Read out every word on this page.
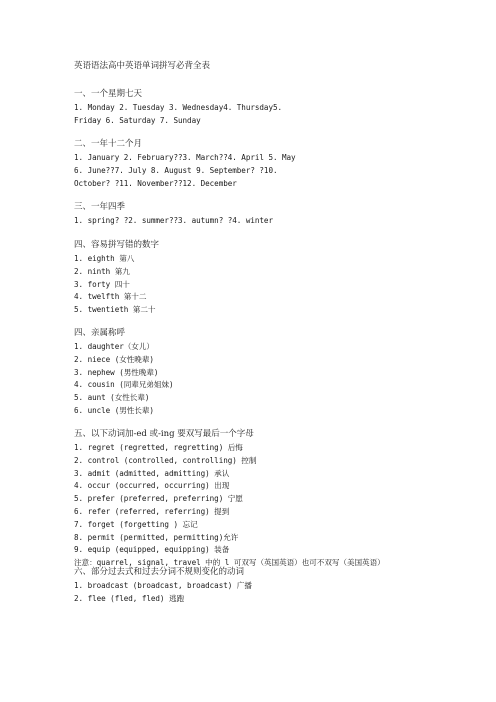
英语语法高中英语单词拼写必背全表
一、一个星期七天
1. Monday 2. Tuesday 3. Wednesday4. Thursday5.
Friday 6. Saturday 7. Sunday
二、一年十二个月
1. January 2. February??3. March??4. April 5. May
6. June??7. July 8. August 9. September? ?10.
October? ?11. November??12. December
三、一年四季
1. spring? ?2. summer??3. autumn? ?4. winter
四、容易拼写错的数字
1. eighth 第八
2. ninth 第九
3. forty 四十
4. twelfth 第十二
5. twentieth 第二十
四、亲属称呼
1. daughter（女儿）
2. niece (女性晚辈)
3. nephew (男性晚辈)
4. cousin (同辈兄弟姐妹)
5. aunt (女性长辈)
6. uncle (男性长辈)
五、以下动词加-ed 或-ing 要双写最后一个字母
1. regret (regretted, regretting) 后悔
2. control (controlled, controlling) 控制
3. admit (admitted, admitting) 承认
4. occur (occurred, occurring) 出现
5. prefer (preferred, preferring) 宁愿
6. refer (referred, referring) 提到
7. forget (forgetting ) 忘记
8. permit (permitted, permitting)允许
9. equip (equipped, equipping) 装备
注意：quarrel, signal, travel 中的 l 可双写（英国英语）也可不双写（美国英语）
六、部分过去式和过去分词不规则变化的动词
1. broadcast (broadcast, broadcast) 广播
2. flee (fled, fled) 逃跑
